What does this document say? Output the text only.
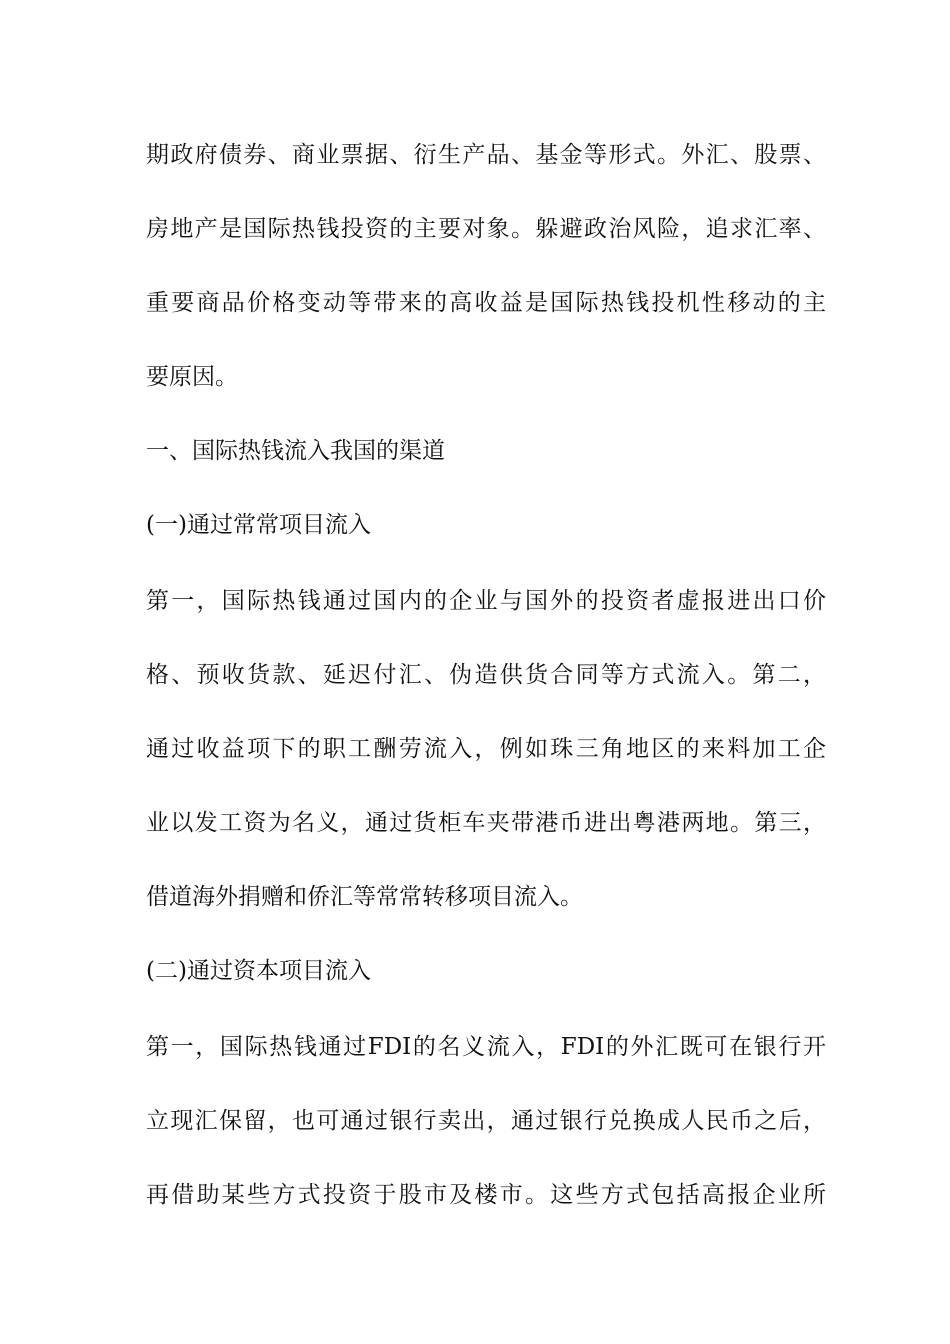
期政府债券、商业票据、衍生产品、基金等形式。外汇、股票、
房地产是国际热钱投资的主要对象。躲避政治风险，追求汇率、
重要商品价格变动等带来的高收益是国际热钱投机性移动的主
要原因。
一、国际热钱流入我国的渠道
(一)通过常常项目流入
第一，国际热钱通过国内的企业与国外的投资者虚报进出口价
格、预收货款、延迟付汇、伪造供货合同等方式流入。第二，
通过收益项下的职工酬劳流入，例如珠三角地区的来料加工企
业以发工资为名义，通过货柜车夹带港币进出粤港两地。第三，
借道海外捐赠和侨汇等常常转移项目流入。
(二)通过资本项目流入
第一，国际热钱通过FDI的名义流入，FDI的外汇既可在银行开
立现汇保留，也可通过银行卖出，通过银行兑换成人民币之后，
再借助某些方式投资于股市及楼市。这些方式包括高报企业所
